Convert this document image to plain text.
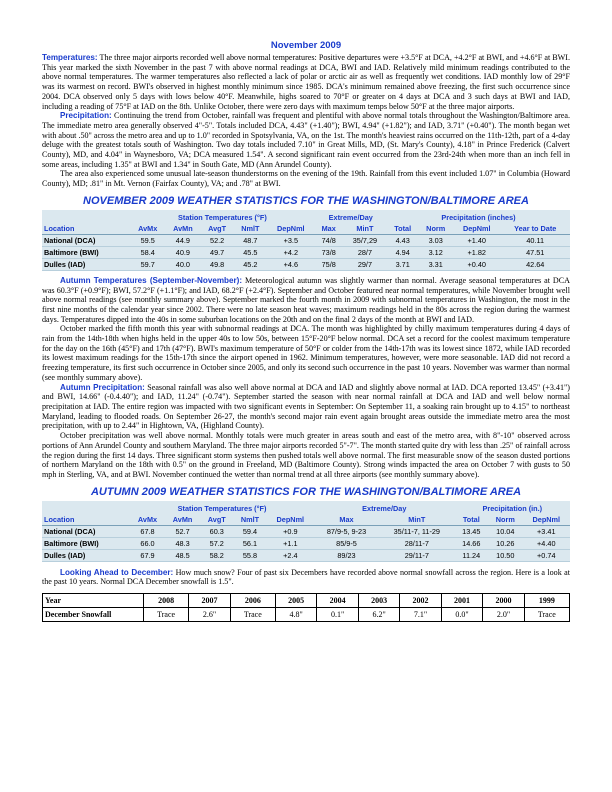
November 2009

Temperatures: The three major airports recorded well above normal temperatures: Positive departures were +3.5°F at DCA, +4.2°F at BWI, and +4.6°F at BWI. This year marked the sixth November in the past 7 with above normal readings at DCA, BWI and IAD. Relatively mild minimum readings contributed to the above normal temperatures. The warmer temperatures also reflected a lack of polar or arctic air as well as frequently wet conditions. IAD monthly low of 29°F was its warmest on record. BWI's observed in highest monthly minimum since 1985. DCA's minimum remained above freezing, the first such occurrence since 2004. DCA observed only 5 days with lows below 40°F. Meanwhile, highs soared to 70°F or greater on 4 days at DCA and 3 such days at BWI and IAD, including a reading of 75°F at IAD on the 8th. Unlike October, there were zero days with maximum temps below 50°F at the three major airports.

Precipitation: Continuing the trend from October, rainfall was frequent and plentiful with above normal totals throughout the Washington/Baltimore area. The immediate metro area generally observed 4"-5". Totals included DCA, 4.43" (+1.40"); BWI, 4.94" (+1.82"); and IAD, 3.71" (+0.40"). The month began wet with about .50" across the metro area and up to 1.0" recorded in Spotsylvania, VA, on the 1st. The month's heaviest rains occurred on the 11th-12th, part of a 4-day deluge with the greatest totals south of Washington. Two day totals included 7.10" in Great Mills, MD, (St. Mary's County), 4.18" in Prince Frederick (Calvert County), MD, and 4.04" in Waynesboro, VA; DCA measured 1.54". A second significant rain event occurred from the 23rd-24th when more than an inch fell in some areas, including 1.35" at BWI and 1.34" in South Gate, MD (Ann Arundel County).

The area also experienced some unusual late-season thunderstorms on the evening of the 19th. Rainfall from this event included 1.07" in Columbia (Howard County), MD; .81" in Mt. Vernon (Fairfax County), VA; and .78" at BWI.

NOVEMBER 2009 WEATHER STATISTICS FOR THE WASHINGTON/BALTIMORE AREA
	Station Temperatures (°F)					Extreme/Day		Precipitation (inches)			
Location	AvMx	AvMn	AvgT	NmlT	DepNml	Max	MinT	Total	Norm	DepNml	Year to Date
National (DCA)	59.5	44.9	52.2	48.7	+3.5	74/8	35/7,29	4.43	3.03	+1.40	40.11
Baltimore (BWI)	58.4	40.9	49.7	45.5	+4.2	73/8	28/7	4.94	3.12	+1.82	47.51
Dulles (IAD)	59.7	40.0	49.8	45.2	+4.6	75/8	29/7	3.71	3.31	+0.40	42.64

Autumn Temperatures (September-November): Meteorological autumn was slightly warmer than normal. Average seasonal temperatures at DCA was 60.3°F (+0.9°F); BWI, 57.2°F (+1.1°F); and IAD, 68.2°F (+2.4°F). September and October featured near normal temperatures, while November brought well above normal readings (see monthly summary above). September marked the fourth month in 2009 with subnormal temperatures in Washington, the most in the first nine months of the calendar year since 2002. There were no late season heat waves; maximum readings held in the 80s across the region during the warmest days. Temperatures dipped into the 40s in some suburban locations on the 20th and on the final 2 days of the month at BWI and IAD.

October marked the fifth month this year with subnormal readings at DCA. The month was highlighted by chilly maximum temperatures during 4 days of rain from the 14th-18th when highs held in the upper 40s to low 50s, between 15°F-20°F below normal. DCA set a record for the coolest maximum temperature for the day on the 16th (45°F) and 17th (47°F). BWI's maximum temperature of 50°F or colder from the 14th-17th was its lowest since 1872, while IAD recorded its lowest maximum readings for the 15th-17th since the airport opened in 1962. Minimum temperatures, however, were more seasonable. IAD did not record a freezing temperature, its first such occurrence in October since 2005, and only its second such occurrence in the past 10 years. November was warmer than normal (see monthly summary above).

Autumn Precipitation: Seasonal rainfall was also well above normal at DCA and IAD and slightly above normal at IAD. DCA reported 13.45" (+3.41") and BWI, 14.66" (-0.4.40"); and IAD, 11.24" (-0.74"). September started the season with near normal rainfall at DCA and IAD and well below normal precipitation at IAD. The entire region was impacted with two significant events in September: On September 11, a soaking rain brought up to 4.15" to northeast Maryland, leading to flooded roads. On September 26-27, the month's second major rain event again brought areas outside the immediate metro area the most precipitation, with up to 2.44" in Hightown, VA, (Highland County).

October precipitation was well above normal. Monthly totals were much greater in areas south and east of the metro area, with 8"-10" observed across portions of Ann Arundel County and southern Maryland. The three major airports recorded 5"-7". The month started quite dry with less than .25" of rainfall across the region during the first 14 days. Three significant storm systems then pushed totals well above normal. The first measurable snow of the season dusted portions of northern Maryland on the 18th with 0.5" on the ground in Freeland, MD (Baltimore County). Strong winds impacted the area on October 7 with gusts to 50 mph in Sterling, VA, and at BWI. November continued the wetter than normal trend at all three airports (see monthly summary above).

AUTUMN 2009 WEATHER STATISTICS FOR THE WASHINGTON/BALTIMORE AREA
	Station Temperatures (°F)					Extreme/Day		Precipitation (in.)		
Location	AvMx	AvMn	AvgT	NmlT	DepNml	Max	MinT	Total	Norm	DepNml
National (DCA)	67.8	52.7	60.3	59.4	+0.9	87/9-5, 9-23	35/11-7, 11-29	13.45	10.04	+3.41
Baltimore (BWI)	66.0	48.3	57.2	56.1	+1.1	85/9-5	28/11-7	14.66	10.26	+4.40
Dulles (IAD)	67.9	48.5	58.2	55.8	+2.4	89/23	29/11-7	11.24	10.50	+0.74

Looking Ahead to December: How much snow? Four of past six Decembers have recorded above normal snowfall across the region. Here is a look at the past 10 years. Normal DCA December snowfall is 1.5".

Year	2008	2007	2006	2005	2004	2003	2002	2001	2000	1999
December Snowfall	Trace	2.6"	Trace	4.8"	0.1"	6.2"	7.1"	0.0"	2.0"	Trace
